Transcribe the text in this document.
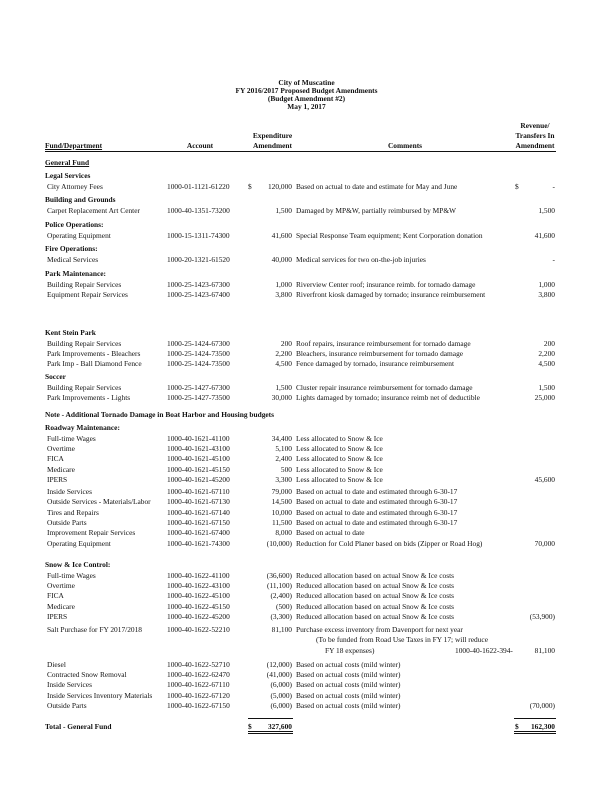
City of Muscatine
FY 2016/2017 Proposed Budget Amendments
(Budget Amendment #2)
May 1, 2017
Fund/Department	Account
Expenditure
Amendment	Comments
Revenue/
Transfers In
Amendment
General Fund
Legal Services
City Attorney Fees	1000-01-1121-61220 $ 120,000 Based on actual to date and estimate for May and June	$	-
Building and Grounds
Carpet Replacement Art Center	1000-40-1351-73200	1,500 Damaged by MP&W, partially reimbursed by MP&W	1,500
Police Operations:
Operating Equipment	1000-15-1311-74300	41,600 Special Response Team equipment; Kent Corporation donation	41,600
Fire Operations:
Medical Services	1000-20-1321-61520	40,000 Medical services for two on-the-job injuries	-
Park Maintenance:
Building Repair Services	1000-25-1423-67300	1,000 Riverview Center roof; insurance reimb. for tornado damage	1,000
Equipment Repair Services	1000-25-1423-67400	3,800 Riverfront kiosk damaged by tornado; insurance reimbursement	3,800
Kent Stein Park
Building Repair Services	1000-25-1424-67300	200 Roof repairs, insurance reimbursement for tornado damage	200
Park Improvements - Bleachers	1000-25-1424-73500	2,200 Bleachers, insurance reimbursement for tornado damage	2,200
Park Imp - Ball Diamond Fence	1000-25-1424-73500	4,500 Fence damaged by tornado, insurance reimbursement	4,500
Soccer
Building Repair Services	1000-25-1427-67300	1,500 Cluster repair insurance reimbursement for tornado damage	1,500
Park Improvements - Lights	1000-25-1427-73500	30,000 Lights damaged by tornado; insurance reimb net of deductible	25,000
Note - Additional Tornado Damage in Boat Harbor and Housing budgets
Roadway Maintenance:
Full-time Wages	1000-40-1621-41100	34,400 Less allocated to Snow & Ice
Overtime	1000-40-1621-43100	5,100 Less allocated to Snow & Ice
FICA	1000-40-1621-45100	2,400 Less allocated to Snow & Ice
Medicare	1000-40-1621-45150	500 Less allocated to Snow & Ice
IPERS	1000-40-1621-45200	3,300 Less allocated to Snow & Ice	45,600
Inside Services	1000-40-1621-67110	79,000 Based on actual to date and estimated through 6-30-17
Outside Services - Materials/Labor 1000-40-1621-67130	14,500 Based on actual to date and estimated through 6-30-17
Tires and Repairs	1000-40-1621-67140	10,000 Based on actual to date and estimated through 6-30-17
Outside Parts	1000-40-1621-67150	11,500 Based on actual to date and estimated through 6-30-17
Improvement Repair Services	1000-40-1621-67400	8,000 Based on actual to date
Operating Equipment	1000-40-1621-74300	(10,000) Reduction for Cold Planer based on bids (Zipper or Road Hog)	70,000
Snow & Ice Control:
Full-time Wages	1000-40-1622-41100	(36,600) Reduced allocation based on actual Snow & Ice costs
Overtime	1000-40-1622-43100	(11,100) Reduced allocation based on actual Snow & Ice costs
FICA	1000-40-1622-45100	(2,400) Reduced allocation based on actual Snow & Ice costs
Medicare	1000-40-1622-45150	(500) Reduced allocation based on actual Snow & Ice costs
IPERS	1000-40-1622-45200	(3,300) Reduced allocation based on actual Snow & Ice costs	(53,900)
Salt Purchase for FY 2017/2018	1000-40-1622-52210	81,100 Purchase excess inventory from Davenport for next year
(To be funded from Road Use Taxes in FY 17; will reduce
FY 18 expenses)	1000-40-1622-394-	81,100
Diesel	1000-40-1622-52710	(12,000) Based on actual costs (mild winter)
Contracted Snow Removal	1000-40-1622-62470	(41,000) Based on actual costs (mild winter)
Inside Services	1000-40-1622-67110	(6,000) Based on actual costs (mild winter)
Inside Services Inventory Materials 1000-40-1622-67120	(5,000) Based on actual costs (mild winter)
Outside Parts	1000-40-1622-67150	(6,000) Based on actual costs (mild winter)	(70,000)
Total - General Fund	$ 327,600	$ 162,300
